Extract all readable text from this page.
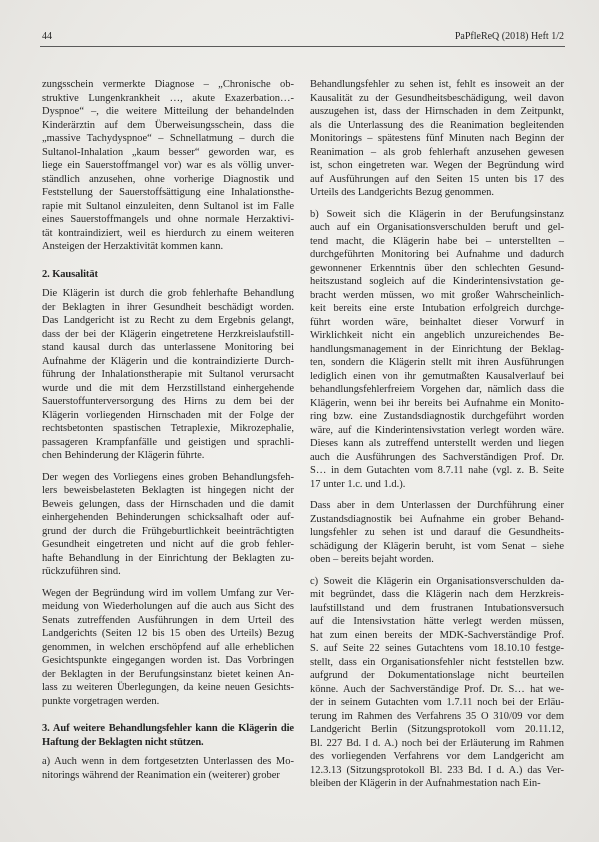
44	PaPfleReQ (2018) Heft 1/2
zungsschein vermerkte Diagnose – „Chronische ob-
struktive Lungenkrankheit …, akute Exazerbation…-
Dyspnoe“ –, die weitere Mitteilung der behandelnden
Kinderärztin auf dem Überweisungsschein, dass die
„massive Tachydyspnoe“ – Schnellatmung – durch die
Sultanol-Inhalation „kaum besser“ geworden war, es
liege ein Sauerstoffmangel vor) war es als völlig unver-
ständlich anzusehen, ohne vorherige Diagnostik und
Feststellung der Sauerstoffsättigung eine Inhalationsthe-
rapie mit Sultanol einzuleiten, denn Sultanol ist im Falle
eines Sauerstoffmangels und ohne normale Herzaktivi-
tät kontraindiziert, weil es hierdurch zu einem weiteren
Ansteigen der Herzaktivität kommen kann.
2. Kausalität
Die Klägerin ist durch die grob fehlerhafte Behandlung
der Beklagten in ihrer Gesundheit beschädigt worden.
Das Landgericht ist zu Recht zu dem Ergebnis gelangt,
dass der bei der Klägerin eingetretene Herzkreislaufstill-
stand kausal durch das unterlassene Monitoring bei
Aufnahme der Klägerin und die kontraindizierte Durch-
führung der Inhalationstherapie mit Sultanol verursacht
wurde und die mit dem Herzstillstand einhergehende
Sauerstoffunterversorgung des Hirns zu dem bei der
Klägerin vorliegenden Hirnschaden mit der Folge der
rechtsbetonten spastischen Tetraplexie, Mikrozephalie,
passageren Krampfanfälle und geistigen und sprachli-
chen Behinderung der Klägerin führte.
Der wegen des Vorliegens eines groben Behandlungsfeh-
lers beweisbelasteten Beklagten ist hingegen nicht der
Beweis gelungen, dass der Hirnschaden und die damit
einhergehenden Behinderungen schicksalhaft oder auf-
grund der durch die Frühgeburtlichkeit beeinträchtigten
Gesundheit eingetreten und nicht auf die grob fehler-
hafte Behandlung in der Einrichtung der Beklagten zu-
rückzuführen sind.
Wegen der Begründung wird im vollem Umfang zur Ver-
meidung von Wiederholungen auf die auch aus Sicht des
Senats zutreffenden Ausführungen in dem Urteil des
Landgerichts (Seiten 12 bis 15 oben des Urteils) Bezug
genommen, in welchen erschöpfend auf alle erheblichen
Gesichtspunkte eingegangen worden ist. Das Vorbringen
der Beklagten in der Berufungsinstanz bietet keinen An-
lass zu weiteren Überlegungen, da keine neuen Gesichts-
punkte vorgetragen werden.
3. Auf weitere Behandlungsfehler kann die Klägerin die
Haftung der Beklagten nicht stützen.
a) Auch wenn in dem fortgesetzten Unterlassen des Mo-
nitorings während der Reanimation ein (weiterer) grober
Behandlungsfehler zu sehen ist, fehlt es insoweit an der
Kausalität zu der Gesundheitsbeschädigung, weil davon
auszugehen ist, dass der Hirnschaden in dem Zeitpunkt,
als die Unterlassung des die Reanimation begleitenden
Monitorings – spätestens fünf Minuten nach Beginn der
Reanimation – als grob fehlerhaft anzusehen gewesen
ist, schon eingetreten war. Wegen der Begründung wird
auf Ausführungen auf den Seiten 15 unten bis 17 des
Urteils des Landgerichts Bezug genommen.
b) Soweit sich die Klägerin in der Berufungsinstanz
auch auf ein Organisationsverschulden beruft und gel-
tend macht, die Klägerin habe bei – unterstellten –
durchgeführten Monitoring bei Aufnahme und dadurch
gewonnener Erkenntnis über den schlechten Gesund-
heitszustand sogleich auf die Kinderintensivstation ge-
bracht werden müssen, wo mit großer Wahrscheinlich-
keit bereits eine erste Intubation erfolgreich durchge-
führt worden wäre, beinhaltet dieser Vorwurf in
Wirklichkeit nicht ein angeblich unzureichendes Be-
handlungsmanagement in der Einrichtung der Beklag-
ten, sondern die Klägerin stellt mit ihren Ausführungen
lediglich einen von ihr gemutmaßten Kausalverlauf bei
behandlungsfehlerfreiem Vorgehen dar, nämlich dass die
Klägerin, wenn bei ihr bereits bei Aufnahme ein Monito-
ring bzw. eine Zustandsdiagnostik durchgeführt worden
wäre, auf die Kinderintensivstation verlegt worden wäre.
Dieses kann als zutreffend unterstellt werden und liegen
auch die Ausführungen des Sachverständigen Prof. Dr.
S… in dem Gutachten vom 8.7.11 nahe (vgl. z. B. Seite
17 unter 1.c. und 1.d.).
Dass aber in dem Unterlassen der Durchführung einer
Zustandsdiagnostik bei Aufnahme ein grober Behand-
lungsfehler zu sehen ist und darauf die Gesundheits-
schädigung der Klägerin beruht, ist vom Senat – siehe
oben – bereits bejaht worden.
c) Soweit die Klägerin ein Organisationsverschulden da-
mit begründet, dass die Klägerin nach dem Herzkreis-
laufstillstand und dem frustranen Intubationsversuch
auf die Intensivstation hätte verlegt werden müssen,
hat zum einen bereits der MDK-Sachverständige Prof.
S. auf Seite 22 seines Gutachtens vom 18.10.10 festge-
stellt, dass ein Organisationsfehler nicht feststellen bzw.
aufgrund der Dokumentationslage nicht beurteilen
könne. Auch der Sachverständige Prof. Dr. S… hat we-
der in seinem Gutachten vom 1.7.11 noch bei der Erläu-
terung im Rahmen des Verfahrens 35 O 310/09 vor dem
Landgericht Berlin (Sitzungsprotokoll vom 20.11.12,
Bl. 227 Bd. I d. A.) noch bei der Erläuterung im Rahmen
des vorliegenden Verfahrens vor dem Landgericht am
12.3.13 (Sitzungsprotokoll Bl. 233 Bd. I d. A.) das Ver-
bleiben der Klägerin in der Aufnahmestation nach Ein-
